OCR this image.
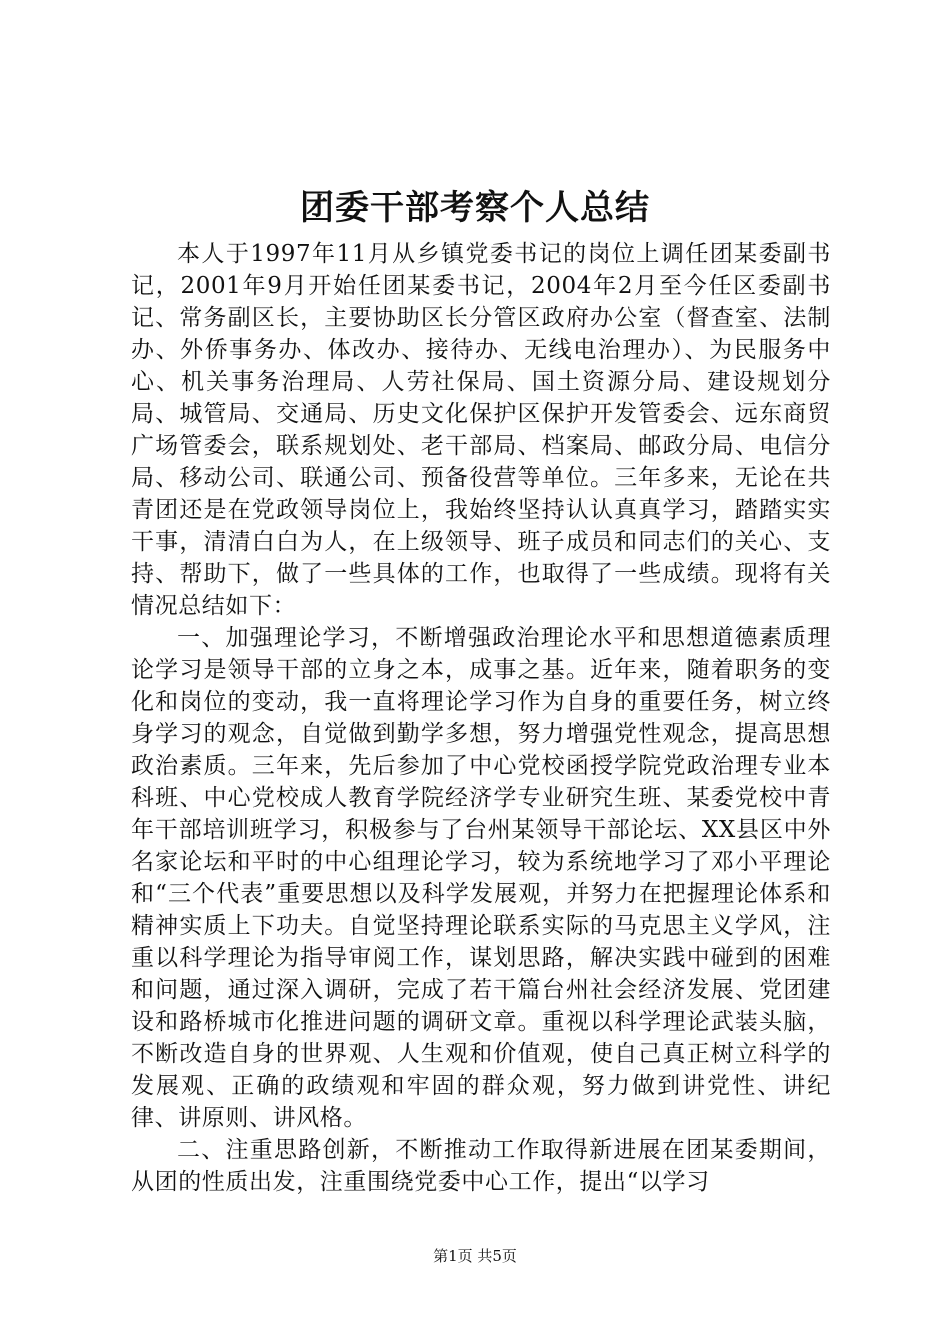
团委干部考察个人总结

本人于1997年11月从乡镇党委书记的岗位上调任团某委副书记，2001年9月开始任团某委书记，2004年2月至今任区委副书记、常务副区长，主要协助区长分管区政府办公室（督查室、法制办、外侨事务办、体改办、接待办、无线电治理办）、为民服务中心、机关事务治理局、人劳社保局、国土资源分局、建设规划分局、城管局、交通局、历史文化保护区保护开发管委会、远东商贸广场管委会，联系规划处、老干部局、档案局、邮政分局、电信分局、移动公司、联通公司、预备役营等单位。三年多来，无论在共青团还是在党政领导岗位上，我始终坚持认认真真学习，踏踏实实干事，清清白白为人，在上级领导、班子成员和同志们的关心、支持、帮助下，做了一些具体的工作，也取得了一些成绩。现将有关情况总结如下：

一、加强理论学习，不断增强政治理论水平和思想道德素质理论学习是领导干部的立身之本，成事之基。近年来，随着职务的变化和岗位的变动，我一直将理论学习作为自身的重要任务，树立终身学习的观念，自觉做到勤学多想，努力增强党性观念，提高思想政治素质。三年来，先后参加了中心党校函授学院党政治理专业本科班、中心党校成人教育学院经济学专业研究生班、某委党校中青年干部培训班学习，积极参与了台州某领导干部论坛、XX县区中外名家论坛和平时的中心组理论学习，较为系统地学习了邓小平理论和“三个代表”重要思想以及科学发展观，并努力在把握理论体系和精神实质上下功夫。自觉坚持理论联系实际的马克思主义学风，注重以科学理论为指导审阅工作，谋划思路，解决实践中碰到的困难和问题，通过深入调研，完成了若干篇台州社会经济发展、党团建设和路桥城市化推进问题的调研文章。重视以科学理论武装头脑，不断改造自身的世界观、人生观和价值观，使自己真正树立科学的发展观、正确的政绩观和牢固的群众观，努力做到讲党性、讲纪律、讲原则、讲风格。

二、注重思路创新，不断推动工作取得新进展在团某委期间，从团的性质出发，注重围绕党委中心工作，提出“以学习

第1页 共5页
